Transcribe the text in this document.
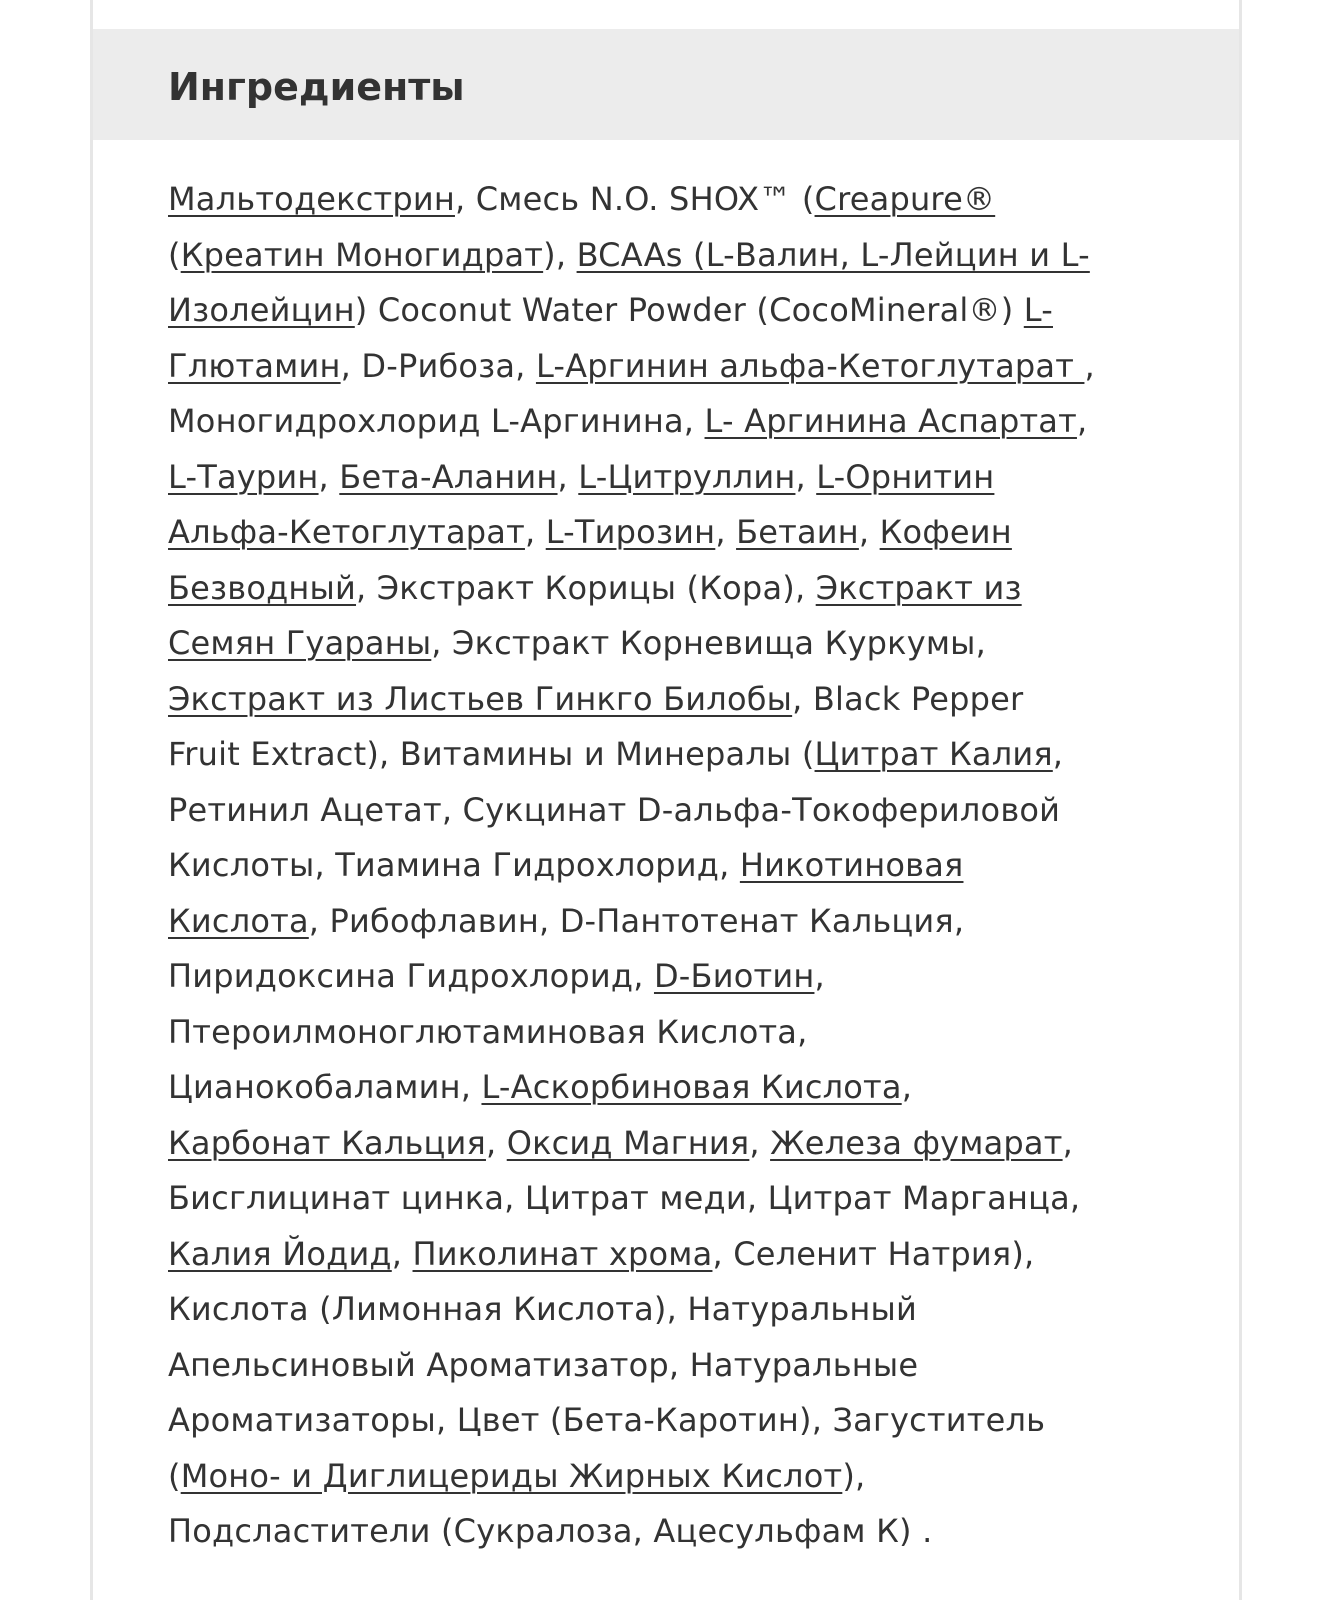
Ингредиенты
Мальтодекстрин, Смесь N.O. SHOX™ (Creapure®
(Креатин Моногидрат), BCAAs (L-Валин, L-Лейцин и L-
Изолейцин) Coconut Water Powder (CocoMineral®) L-
Глютамин, D-Рибоза, L-Аргинин альфа-Кетоглутарат ,
Моногидрохлорид L-Аргинина, L- Аргинина Аспартат,
L-Таурин, Бета-Аланин, L-Цитруллин, L-Орнитин
Альфа-Кетоглутарат, L-Тирозин, Бетаин, Кофеин
Безводный, Экстракт Корицы (Кора), Экстракт из
Семян Гуараны, Экстракт Корневища Куркумы,
Экстракт из Листьев Гинкго Билобы, Black Pepper
Fruit Extract), Витамины и Минералы (Цитрат Калия,
Ретинил Ацетат, Сукцинат D-альфа-Токофериловой
Кислоты, Тиамина Гидрохлорид, Никотиновая
Кислота, Рибофлавин, D-Пантотенат Кальция,
Пиридоксина Гидрохлорид, D-Биотин,
Птероилмоноглютаминовая Кислота,
Цианокобаламин, L-Аскорбиновая Кислота,
Карбонат Кальция, Оксид Магния, Железа фумарат,
Бисглицинат цинка, Цитрат меди, Цитрат Марганца,
Калия Йодид, Пиколинат хрома, Селенит Натрия),
Кислота (Лимонная Кислота), Натуральный
Апельсиновый Ароматизатор, Натуральные
Ароматизаторы, Цвет (Бета-Каротин), Загуститель
(Моно- и Диглицериды Жирных Кислот),
Подсластители (Сукралоза, Ацесульфам К) .
